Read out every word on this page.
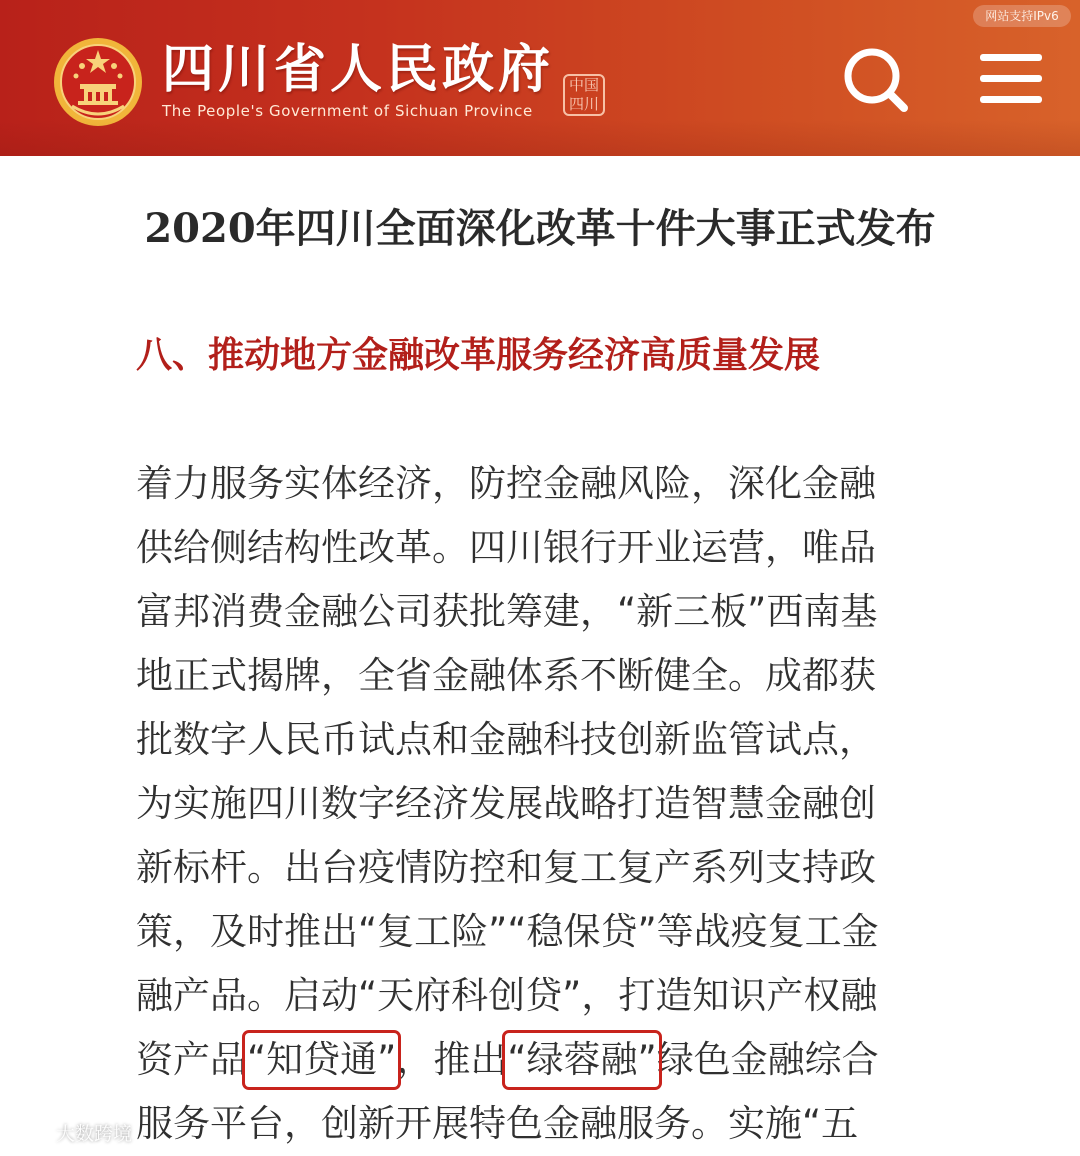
四川省人民政府
The People's Government of Sichuan Province
中国四川
网站支持IPv6
2020年四川全面深化改革十件大事正式发布
八、推动地方金融改革服务经济高质量发展
着力服务实体经济，防控金融风险，深化金融
供给侧结构性改革。四川银行开业运营，唯品
富邦消费金融公司获批筹建，“新三板”西南基
地正式揭牌，全省金融体系不断健全。成都获
批数字人民币试点和金融科技创新监管试点，
为实施四川数字经济发展战略打造智慧金融创
新标杆。出台疫情防控和复工复产系列支持政
策，及时推出“复工险”“稳保贷”等战疫复工金
融产品。启动“天府科创贷”，打造知识产权融
资产品“知贷通”，推出“绿蓉融”绿色金融综合
服务平台，创新开展特色金融服务。实施“五
大数跨境
